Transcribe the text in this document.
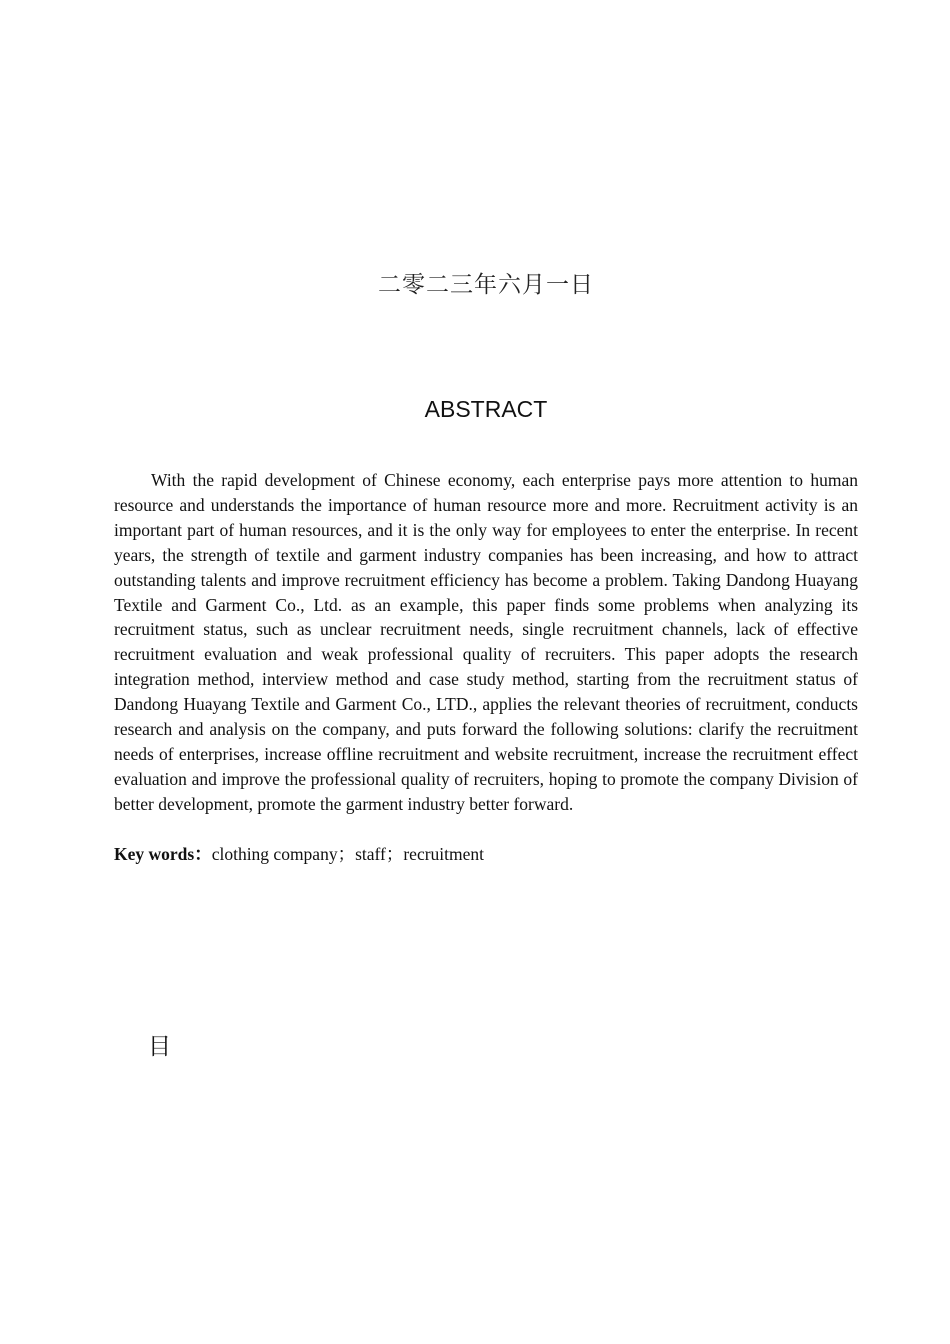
二零二三年六月一日
ABSTRACT

With the rapid development of Chinese economy, each enterprise pays more attention to human resource and understands the importance of human resource more and more. Recruitment activity is an important part of human resources, and it is the only way for employees to enter the enterprise. In recent years, the strength of textile and garment industry companies has been increasing, and how to attract outstanding talents and improve recruitment efficiency has become a problem. Taking Dandong Huayang Textile and Garment Co., Ltd. as an example, this paper finds some problems when analyzing its recruitment status, such as unclear recruitment needs, single recruitment channels, lack of effective recruitment evaluation and weak professional quality of recruiters. This paper adopts the research integration method, interview method and case study method, starting from the recruitment status of Dandong Huayang Textile and Garment Co., LTD., applies the relevant theories of recruitment, conducts research and analysis on the company, and puts forward the following solutions: clarify the recruitment needs of enterprises, increase offline recruitment and website recruitment, increase the recruitment effect evaluation and improve the professional quality of recruiters, hoping to promote the company Division of better development, promote the garment industry better forward.

Key words：clothing company；staff；recruitment

目
